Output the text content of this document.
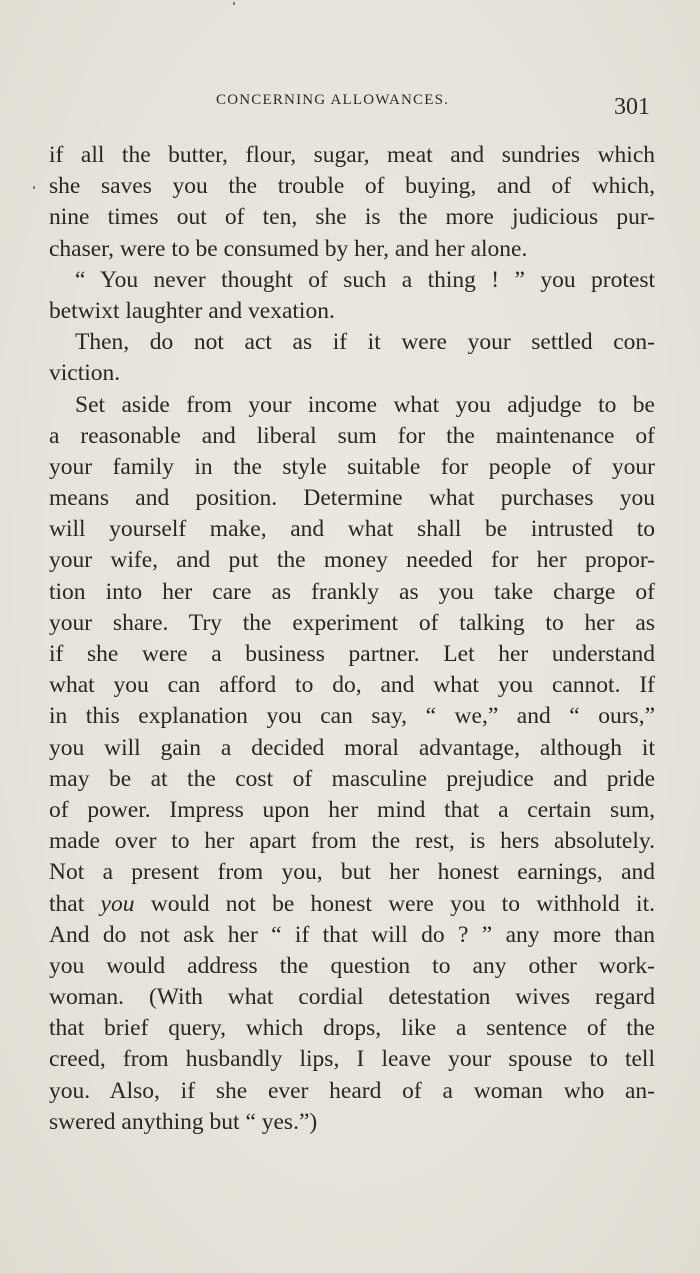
CONCERNING ALLOWANCES.	301
if all the butter, flour, sugar, meat and sundries which
she saves you the trouble of buying, and of which,
nine times out of ten, she is the more judicious pur-
chaser, were to be consumed by her, and her alone.
“ You never thought of such a thing ! ” you protest
betwixt laughter and vexation.
Then, do not act as if it were your settled con-
viction.
Set aside from your income what you adjudge to be
a reasonable and liberal sum for the maintenance of
your family in the style suitable for people of your
means and position. Determine what purchases you
will yourself make, and what shall be intrusted to
your wife, and put the money needed for her propor-
tion into her care as frankly as you take charge of
your share. Try the experiment of talking to her as
if she were a business partner. Let her understand
what you can afford to do, and what you cannot. If
in this explanation you can say, “ we,” and “ ours,”
you will gain a decided moral advantage, although it
may be at the cost of masculine prejudice and pride
of power. Impress upon her mind that a certain sum,
made over to her apart from the rest, is hers absolutely.
Not a present from you, but her honest earnings, and
that you would not be honest were you to withhold it.
And do not ask her “ if that will do ? ” any more than
you would address the question to any other work-
woman. (With what cordial detestation wives regard
that brief query, which drops, like a sentence of the
creed, from husbandly lips, I leave your spouse to tell
you. Also, if she ever heard of a woman who an-
swered anything but “ yes.”)
